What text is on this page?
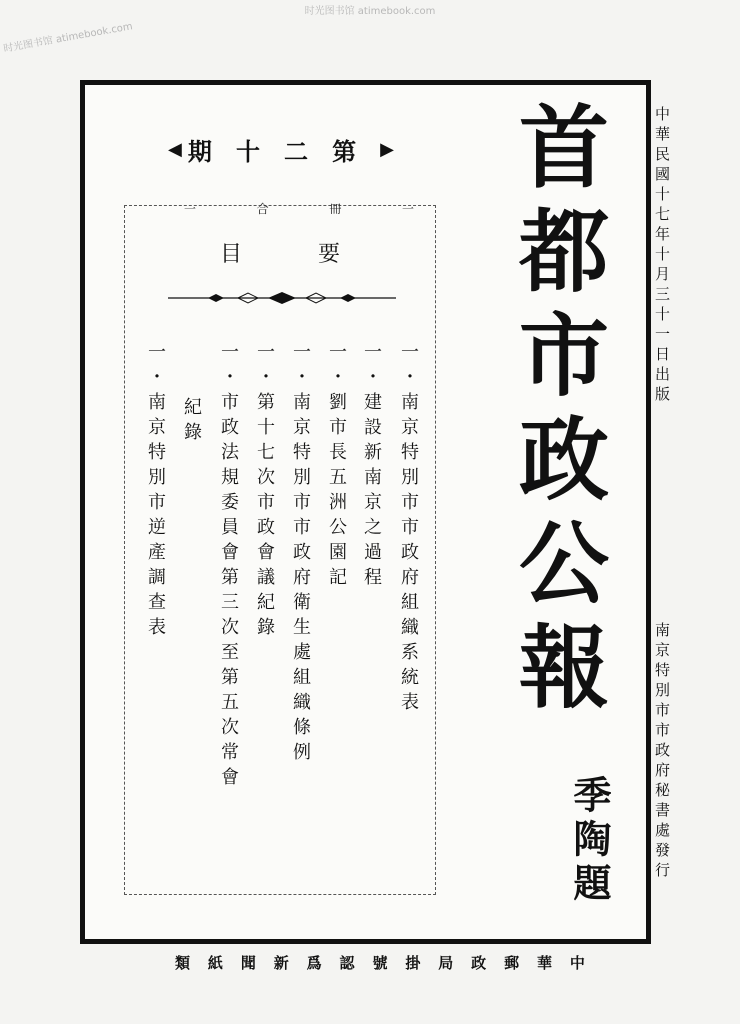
时光图书馆 atimebook.com
时光图书馆 atimebook.com
◀ 期 十 二 第 ▶
一	合	冊	一
目	要
一・南京特別市市政府組織系統表
一・建設新南京之過程
一・劉市長五洲公園記
一・南京特別市市政府衛生處組織條例
一・第十七次市政會議紀錄
一・市政法規委員會第三次至第五次常會
紀錄
一・南京特別市逆產調查表	首都市政公報
季陶題
中華民國十七年十月三十一日出版
南京特別市市政府秘書處發行
類 紙 聞 新 爲 認 號 掛 局 政 郵 華 中
